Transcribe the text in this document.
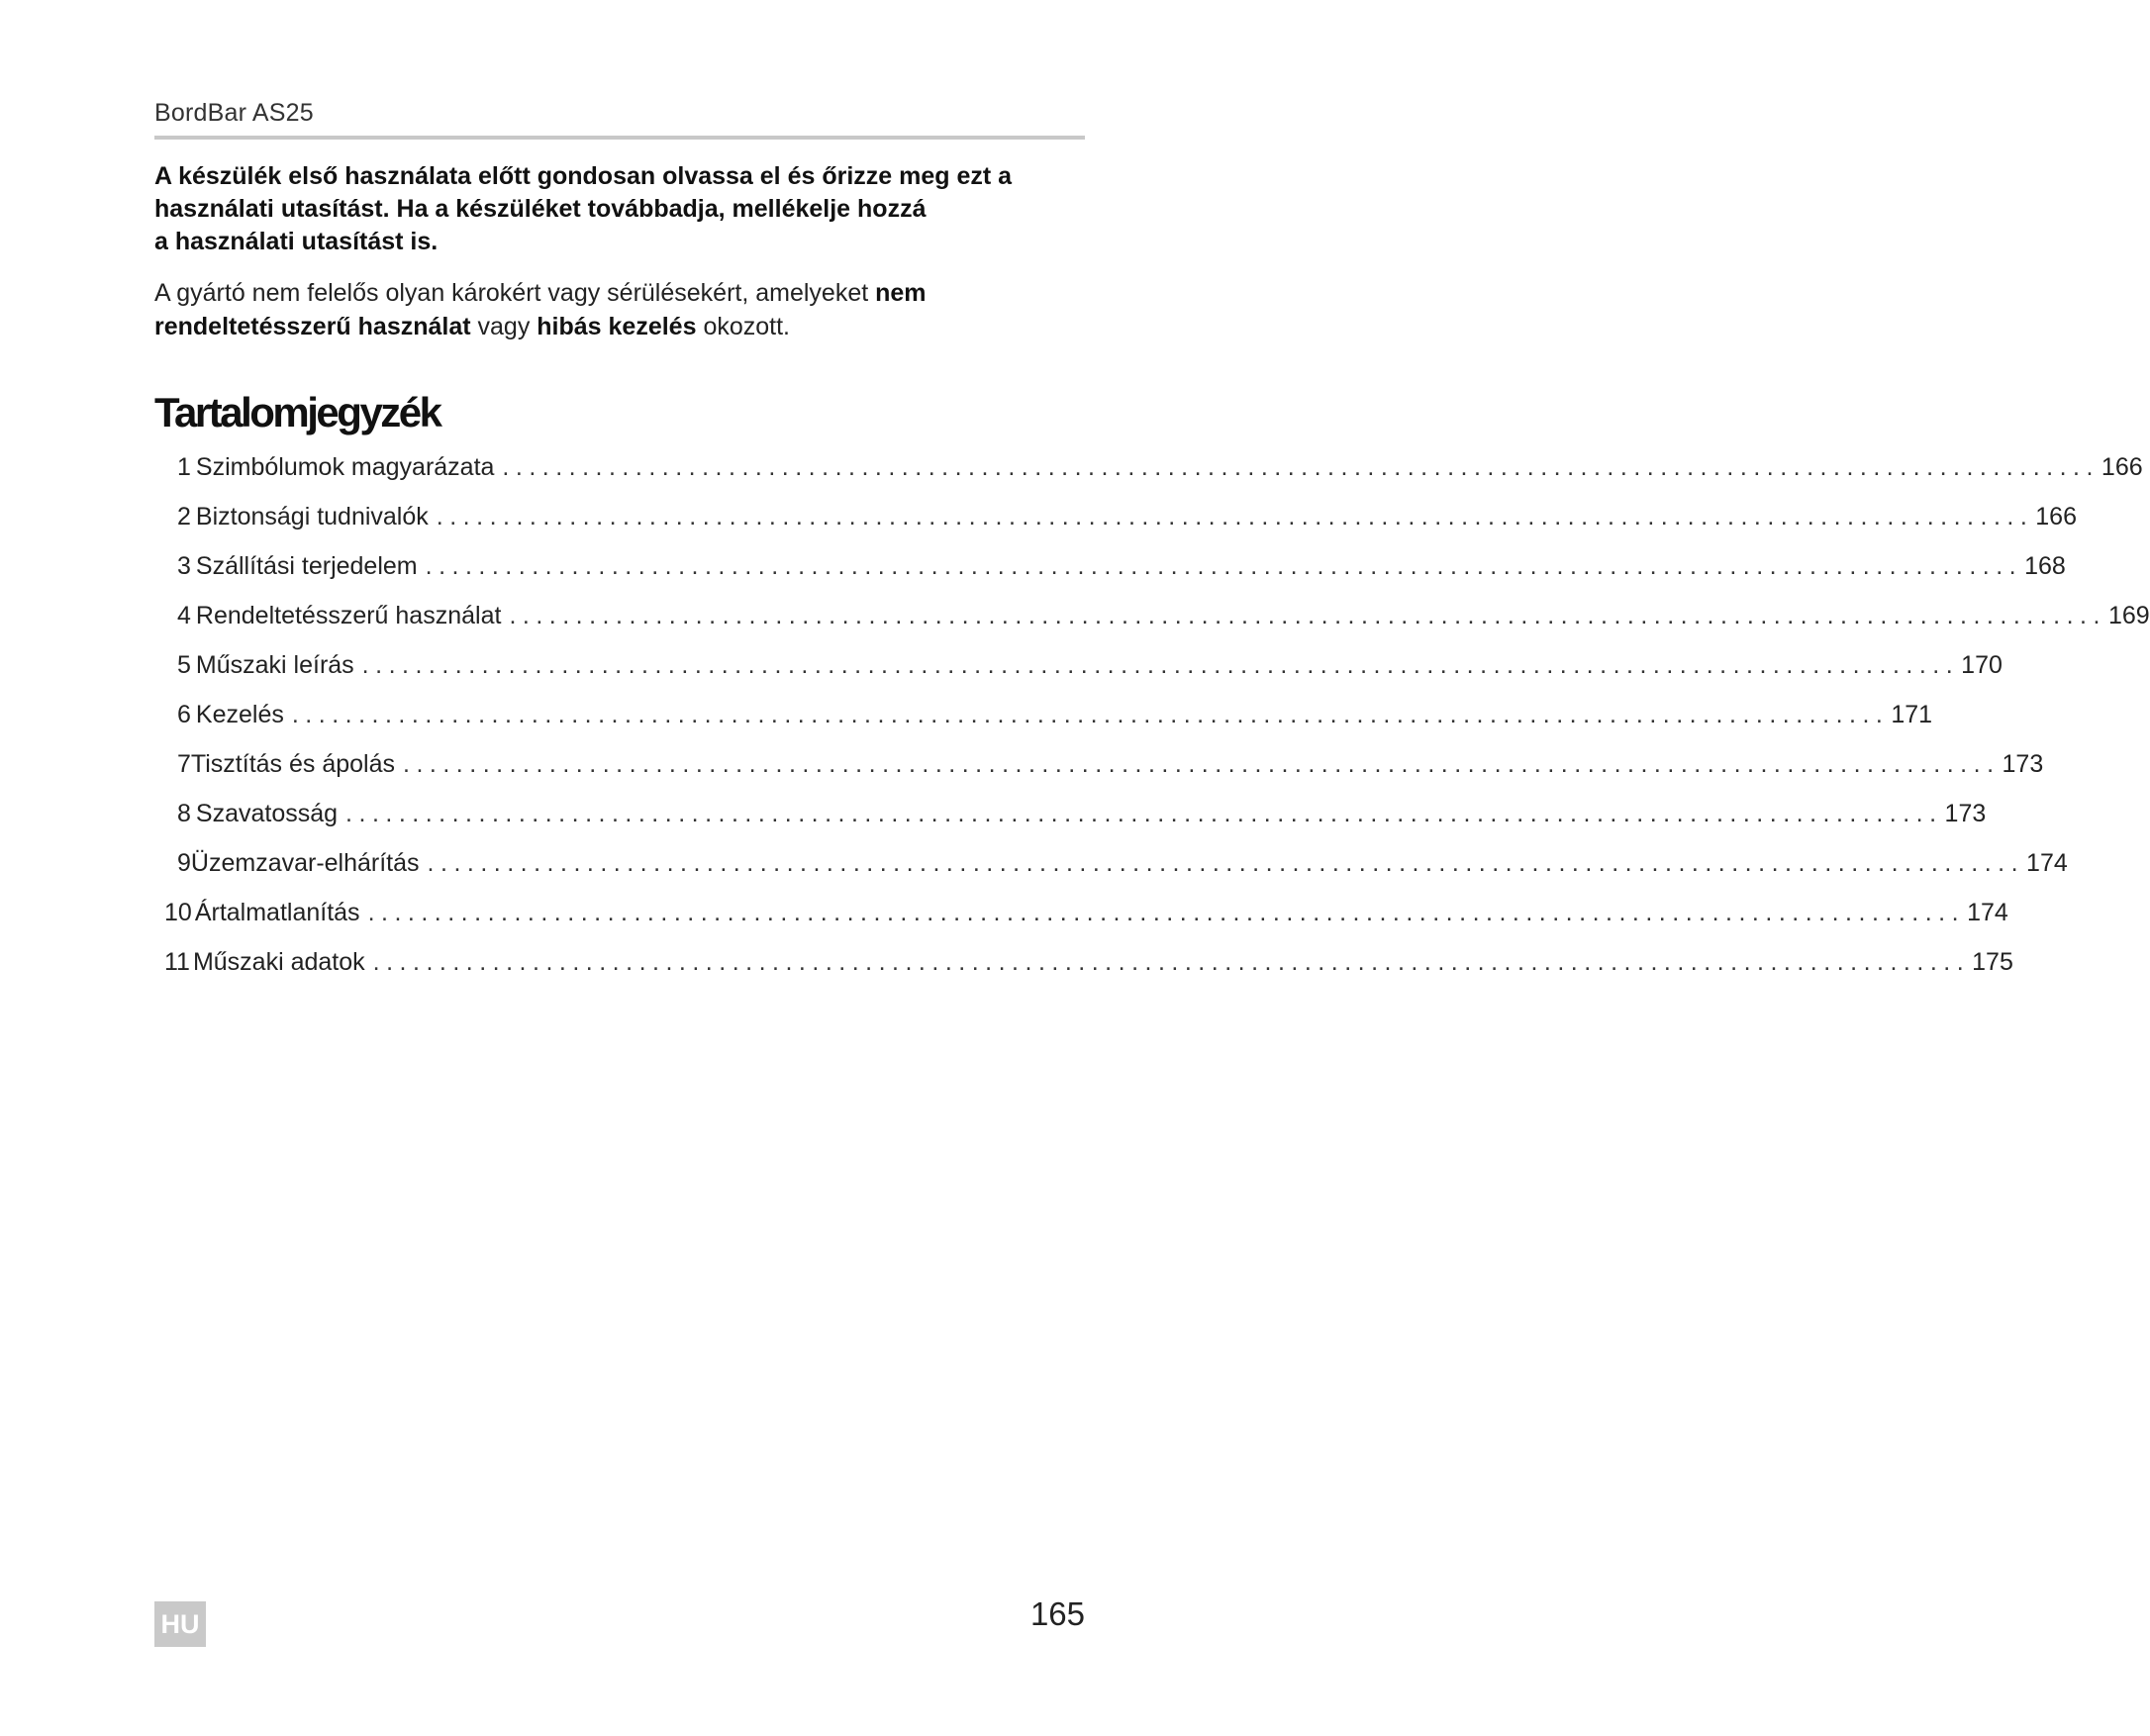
BordBar AS25
A készülék első használata előtt gondosan olvassa el és őrizze meg ezt a
használati utasítást. Ha a készüléket továbbadja, mellékelje hozzá
a használati utasítást is.
A gyártó nem felelős olyan károkért vagy sérülésekért, amelyeket nem rendeltetésszerű használat vagy hibás kezelés okozott.
Tartalomjegyzék
1 Szimbólumok magyarázata ........................................................................................................................ 166
2 Biztonsági tudnivalók ........................................................................................................................ 166
3 Szállítási terjedelem ........................................................................................................................ 168
4 Rendeltetésszerű használat ........................................................................................................................ 169
5 Műszaki leírás ........................................................................................................................ 170
6 Kezelés ........................................................................................................................ 171
7 Tisztítás és ápolás ........................................................................................................................ 173
8 Szavatosság ........................................................................................................................ 173
9 Üzemzavar-elhárítás ........................................................................................................................ 174
10 Ártalmatlanítás ........................................................................................................................ 174
11 Műszaki adatok ........................................................................................................................ 175
HU	165
